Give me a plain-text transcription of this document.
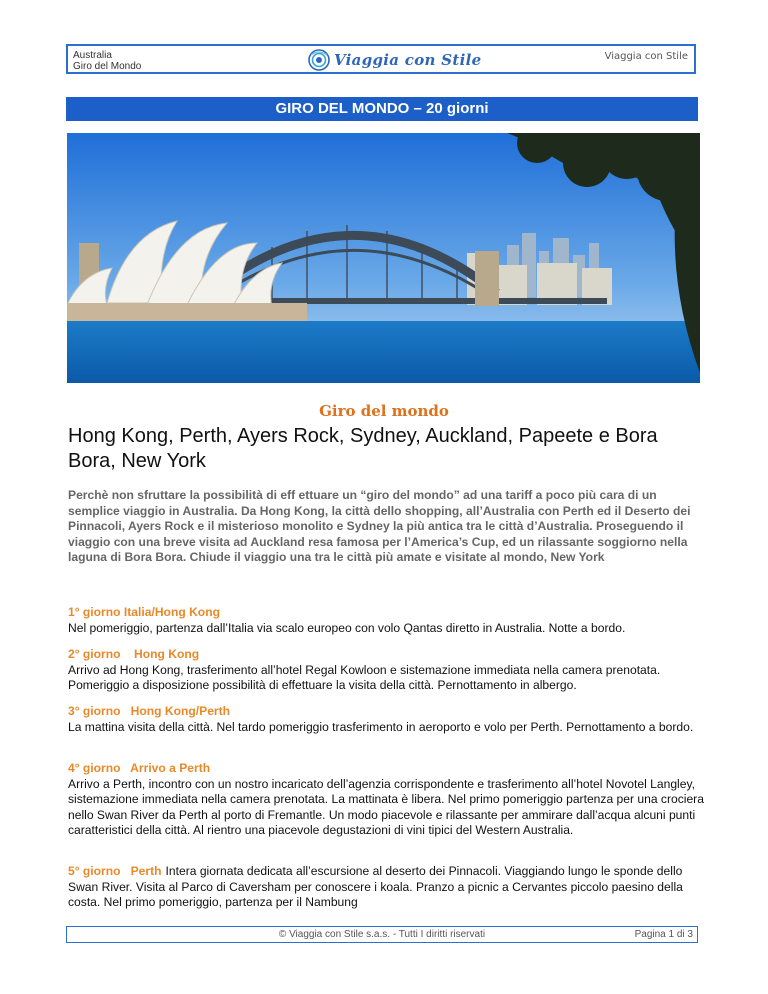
Australia
Giro del Mondo	Viaggia con Stile	Viaggia con Stile
GIRO DEL MONDO – 20 giorni
Giro del mondo
Hong Kong, Perth, Ayers Rock, Sydney, Auckland, Papeete e Bora Bora, New York
Perchè non sfruttare la possibilità di eff ettuare un “giro del mondo” ad una tariff a poco più cara di un semplice viaggio in Australia. Da Hong Kong, la città dello shopping, all’Australia con Perth ed il Deserto dei Pinnacoli, Ayers Rock e il misterioso monolito e Sydney la più antica tra le città d’Australia. Proseguendo il viaggio con una breve visita ad Auckland resa famosa per l’America’s Cup, ed un rilassante soggiorno nella laguna di Bora Bora. Chiude il viaggio una tra le città più amate e visitate al mondo, New York
1° giorno Italia/Hong Kong
Nel pomeriggio, partenza dall’Italia via scalo europeo con volo Qantas diretto in Australia. Notte a bordo.
2° giorno    Hong Kong
Arrivo ad Hong Kong, trasferimento all’hotel Regal Kowloon e sistemazione immediata nella camera prenotata. Pomeriggio a disposizione possibilità di effettuare la visita della città. Pernottamento in albergo.
3° giorno   Hong Kong/Perth
La mattina visita della città. Nel tardo pomeriggio trasferimento in aeroporto e volo per Perth. Pernottamento a bordo.
4° giorno   Arrivo a Perth
Arrivo a Perth, incontro con un nostro incaricato dell’agenzia corrispondente e trasferimento all’hotel Novotel Langley, sistemazione immediata nella camera prenotata. La mattinata è libera. Nel primo pomeriggio partenza per una crociera nello Swan River da Perth al porto di Fremantle. Un modo piacevole e rilassante per ammirare dall’acqua alcuni punti caratteristici della città. Al rientro una piacevole degustazioni di vini tipici del Western Australia.
5° giorno   Perth Intera giornata dedicata all’escursione al deserto dei Pinnacoli. Viaggiando lungo le sponde dello Swan River. Visita al Parco di Caversham per conoscere i koala. Pranzo a picnic a Cervantes piccolo paesino della costa. Nel primo pomeriggio, partenza per il Nambung
© Viaggia con Stile s.a.s. - Tutti I diritti riservati	Pagina 1 di 3
